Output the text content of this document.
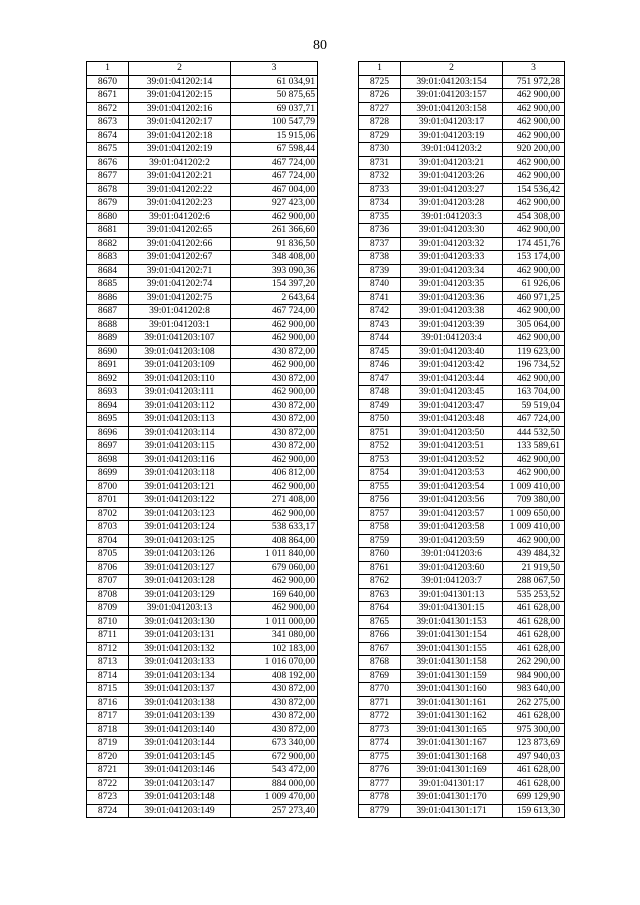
80
1	2	3
8670	39:01:041202:14	61 034,91
8671	39:01:041202:15	50 875,65
8672	39:01:041202:16	69 037,71
8673	39:01:041202:17	100 547,79
8674	39:01:041202:18	15 915,06
8675	39:01:041202:19	67 598,44
8676	39:01:041202:2	467 724,00
8677	39:01:041202:21	467 724,00
8678	39:01:041202:22	467 004,00
8679	39:01:041202:23	927 423,00
8680	39:01:041202:6	462 900,00
8681	39:01:041202:65	261 366,60
8682	39:01:041202:66	91 836,50
8683	39:01:041202:67	348 408,00
8684	39:01:041202:71	393 090,36
8685	39:01:041202:74	154 397,20
8686	39:01:041202:75	2 643,64
8687	39:01:041202:8	467 724,00
8688	39:01:041203:1	462 900,00
8689	39:01:041203:107	462 900,00
8690	39:01:041203:108	430 872,00
8691	39:01:041203:109	462 900,00
8692	39:01:041203:110	430 872,00
8693	39:01:041203:111	462 900,00
8694	39:01:041203:112	430 872,00
8695	39:01:041203:113	430 872,00
8696	39:01:041203:114	430 872,00
8697	39:01:041203:115	430 872,00
8698	39:01:041203:116	462 900,00
8699	39:01:041203:118	406 812,00
8700	39:01:041203:121	462 900,00
8701	39:01:041203:122	271 408,00
8702	39:01:041203:123	462 900,00
8703	39:01:041203:124	538 633,17
8704	39:01:041203:125	408 864,00
8705	39:01:041203:126	1 011 840,00
8706	39:01:041203:127	679 060,00
8707	39:01:041203:128	462 900,00
8708	39:01:041203:129	169 640,00
8709	39:01:041203:13	462 900,00
8710	39:01:041203:130	1 011 000,00
8711	39:01:041203:131	341 080,00
8712	39:01:041203:132	102 183,00
8713	39:01:041203:133	1 016 070,00
8714	39:01:041203:134	408 192,00
8715	39:01:041203:137	430 872,00
8716	39:01:041203:138	430 872,00
8717	39:01:041203:139	430 872,00
8718	39:01:041203:140	430 872,00
8719	39:01:041203:144	673 340,00
8720	39:01:041203:145	672 900,00
8721	39:01:041203:146	543 472,00
8722	39:01:041203:147	884 000,00
8723	39:01:041203:148	1 009 470,00
8724	39:01:041203:149	257 273,40
1	2	3
8725	39:01:041203:154	751 972,28
8726	39:01:041203:157	462 900,00
8727	39:01:041203:158	462 900,00
8728	39:01:041203:17	462 900,00
8729	39:01:041203:19	462 900,00
8730	39:01:041203:2	920 200,00
8731	39:01:041203:21	462 900,00
8732	39:01:041203:26	462 900,00
8733	39:01:041203:27	154 536,42
8734	39:01:041203:28	462 900,00
8735	39:01:041203:3	454 308,00
8736	39:01:041203:30	462 900,00
8737	39:01:041203:32	174 451,76
8738	39:01:041203:33	153 174,00
8739	39:01:041203:34	462 900,00
8740	39:01:041203:35	61 926,06
8741	39:01:041203:36	460 971,25
8742	39:01:041203:38	462 900,00
8743	39:01:041203:39	305 064,00
8744	39:01:041203:4	462 900,00
8745	39:01:041203:40	119 623,00
8746	39:01:041203:42	196 734,52
8747	39:01:041203:44	462 900,00
8748	39:01:041203:45	163 704,00
8749	39:01:041203:47	59 519,04
8750	39:01:041203:48	467 724,00
8751	39:01:041203:50	444 532,50
8752	39:01:041203:51	133 589,61
8753	39:01:041203:52	462 900,00
8754	39:01:041203:53	462 900,00
8755	39:01:041203:54	1 009 410,00
8756	39:01:041203:56	709 380,00
8757	39:01:041203:57	1 009 650,00
8758	39:01:041203:58	1 009 410,00
8759	39:01:041203:59	462 900,00
8760	39:01:041203:6	439 484,32
8761	39:01:041203:60	21 919,50
8762	39:01:041203:7	288 067,50
8763	39:01:041301:13	535 253,52
8764	39:01:041301:15	461 628,00
8765	39:01:041301:153	461 628,00
8766	39:01:041301:154	461 628,00
8767	39:01:041301:155	461 628,00
8768	39:01:041301:158	262 290,00
8769	39:01:041301:159	984 900,00
8770	39:01:041301:160	983 640,00
8771	39:01:041301:161	262 275,00
8772	39:01:041301:162	461 628,00
8773	39:01:041301:165	975 300,00
8774	39:01:041301:167	123 873,69
8775	39:01:041301:168	497 940,03
8776	39:01:041301:169	461 628,00
8777	39:01:041301:17	461 628,00
8778	39:01:041301:170	699 129,90
8779	39:01:041301:171	159 613,30
